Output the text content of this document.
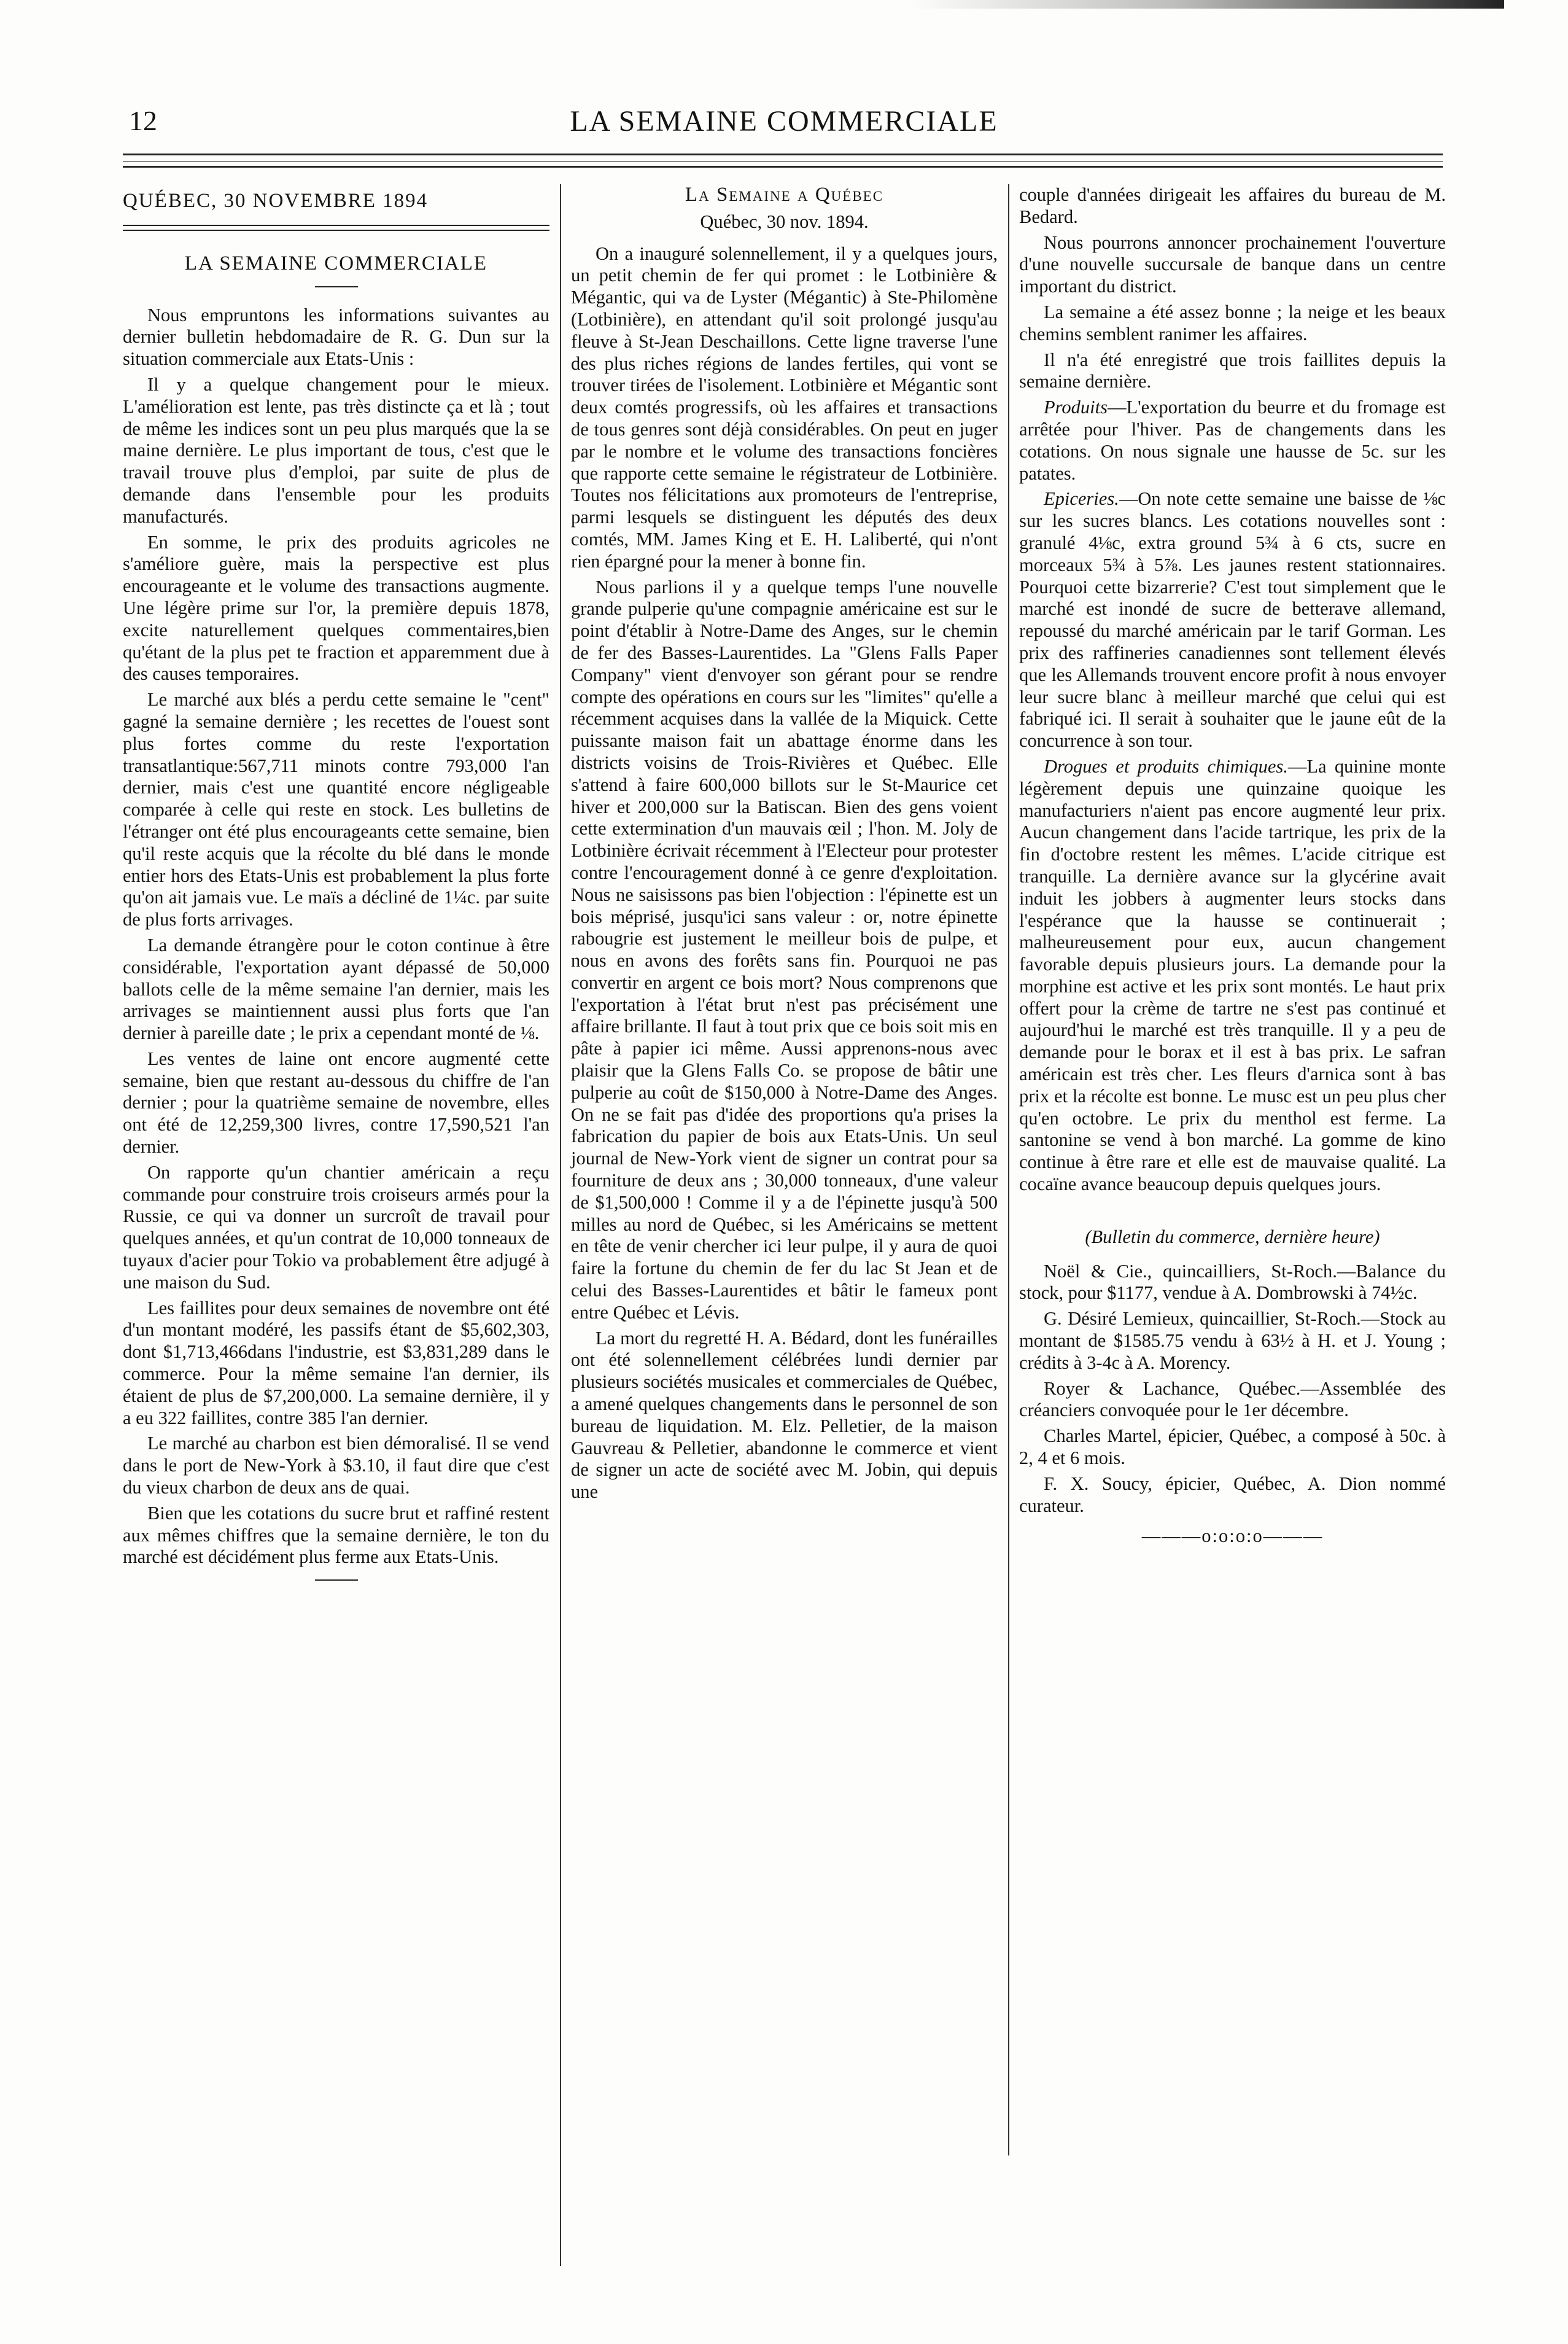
12	LA SEMAINE COMMERCIALE
QUÉBEC, 30 NOVEMBRE 1894
LA SEMAINE COMMERCIALE

Nous empruntons les informations suivantes au dernier bulletin hebdomadaire de R. G. Dun sur la situation commerciale aux Etats-Unis :

Il y a quelque changement pour le mieux. L'amélioration est lente, pas très distincte ça et là ; tout de même les indices sont un peu plus marqués que la se maine dernière. Le plus important de tous, c'est que le travail trouve plus d'emploi, par suite de plus de demande dans l'ensemble pour les produits manufacturés.

En somme, le prix des produits agricoles ne s'améliore guère, mais la perspective est plus encourageante et le volume des transactions augmente. Une légère prime sur l'or, la première depuis 1878, excite naturellement quelques commentaires,bien qu'étant de la plus pet te fraction et apparemment due à des causes temporaires.

Le marché aux blés a perdu cette semaine le "cent" gagné la semaine dernière ; les recettes de l'ouest sont plus fortes comme du reste l'exportation transatlantique:567,711 minots contre 793,000 l'an dernier, mais c'est une quantité encore négligeable comparée à celle qui reste en stock. Les bulletins de l'étranger ont été plus encourageants cette semaine, bien qu'il reste acquis que la récolte du blé dans le monde entier hors des Etats-Unis est probablement la plus forte qu'on ait jamais vue. Le maïs a décliné de 1¼c. par suite de plus forts arrivages.

La demande étrangère pour le coton continue à être considérable, l'exportation ayant dépassé de 50,000 ballots celle de la même semaine l'an dernier, mais les arrivages se maintiennent aussi plus forts que l'an dernier à pareille date ; le prix a cependant monté de ⅛.

Les ventes de laine ont encore augmenté cette semaine, bien que restant au-dessous du chiffre de l'an dernier ; pour la quatrième semaine de novembre, elles ont été de 12,259,300 livres, contre 17,590,521 l'an dernier.

On rapporte qu'un chantier américain a reçu commande pour construire trois croiseurs armés pour la Russie, ce qui va donner un surcroît de travail pour quelques années, et qu'un contrat de 10,000 tonneaux de tuyaux d'acier pour Tokio va probablement être adjugé à une maison du Sud.

Les faillites pour deux semaines de novembre ont été d'un montant modéré, les passifs étant de $5,602,303, dont $1,713,466dans l'industrie, est $3,831,289 dans le commerce. Pour la même semaine l'an dernier, ils étaient de plus de $7,200,000. La semaine dernière, il y a eu 322 faillites, contre 385 l'an dernier.

Le marché au charbon est bien démoralisé. Il se vend dans le port de New-York à $3.10, il faut dire que c'est du vieux charbon de deux ans de quai.

Bien que les cotations du sucre brut et raffiné restent aux mêmes chiffres que la semaine dernière, le ton du marché est décidément plus ferme aux Etats-Unis.

La Semaine a Québec
Québec, 30 nov. 1894.

On a inauguré solennellement, il y a quelques jours, un petit chemin de fer qui promet : le Lotbinière & Mégantic, qui va de Lyster (Mégantic) à Ste-Philomène (Lotbinière), en attendant qu'il soit prolongé jusqu'au fleuve à St-Jean Deschaillons. Cette ligne traverse l'une des plus riches régions de landes fertiles, qui vont se trouver tirées de l'isolement. Lotbinière et Mégantic sont deux comtés progressifs, où les affaires et transactions de tous genres sont déjà considérables. On peut en juger par le nombre et le volume des transactions foncières que rapporte cette semaine le régistrateur de Lotbinière. Toutes nos félicitations aux promoteurs de l'entreprise, parmi lesquels se distinguent les députés des deux comtés, MM. James King et E. H. Laliberté, qui n'ont rien épargné pour la mener à bonne fin.

Nous parlions il y a quelque temps l'une nouvelle grande pulperie qu'une compagnie américaine est sur le point d'établir à Notre-Dame des Anges, sur le chemin de fer des Basses-Laurentides. La "Glens Falls Paper Company" vient d'envoyer son gérant pour se rendre compte des opérations en cours sur les "limites" qu'elle a récemment acquises dans la vallée de la Miquick. Cette puissante maison fait un abattage énorme dans les districts voisins de Trois-Rivières et Québec. Elle s'attend à faire 600,000 billots sur le St-Maurice cet hiver et 200,000 sur la Batiscan. Bien des gens voient cette extermination d'un mauvais œil ; l'hon. M. Joly de Lotbinière écrivait récemment à l'Electeur pour protester contre l'encouragement donné à ce genre d'exploitation. Nous ne saisissons pas bien l'objection : l'épinette est un bois méprisé, jusqu'ici sans valeur : or, notre épinette rabougrie est justement le meilleur bois de pulpe, et nous en avons des forêts sans fin. Pourquoi ne pas convertir en argent ce bois mort? Nous comprenons que l'exportation à l'état brut n'est pas précisément une affaire brillante. Il faut à tout prix que ce bois soit mis en pâte à papier ici même. Aussi apprenons-nous avec plaisir que la Glens Falls Co. se propose de bâtir une pulperie au coût de $150,000 à Notre-Dame des Anges. On ne se fait pas d'idée des proportions qu'a prises la fabrication du papier de bois aux Etats-Unis. Un seul journal de New-York vient de signer un contrat pour sa fourniture de deux ans ; 30,000 tonneaux, d'une valeur de $1,500,000 ! Comme il y a de l'épinette jusqu'à 500 milles au nord de Québec, si les Américains se mettent en tête de venir chercher ici leur pulpe, il y aura de quoi faire la fortune du chemin de fer du lac St Jean et de celui des Basses-Laurentides et bâtir le fameux pont entre Québec et Lévis.

La mort du regretté H. A. Bédard, dont les funérailles ont été solennellement célébrées lundi dernier par plusieurs sociétés musicales et commerciales de Québec, a amené quelques changements dans le personnel de son bureau de liquidation. M. Elz. Pelletier, de la maison Gauvreau & Pelletier, abandonne le commerce et vient de signer un acte de société avec M. Jobin, qui depuis une

couple d'années dirigeait les affaires du bureau de M. Bedard.

Nous pourrons annoncer prochainement l'ouverture d'une nouvelle succursale de banque dans un centre important du district.

La semaine a été assez bonne ; la neige et les beaux chemins semblent ranimer les affaires.

Il n'a été enregistré que trois faillites depuis la semaine dernière.

Produits—L'exportation du beurre et du fromage est arrêtée pour l'hiver. Pas de changements dans les cotations. On nous signale une hausse de 5c. sur les patates.

Epiceries.—On note cette semaine une baisse de ⅛c sur les sucres blancs. Les cotations nouvelles sont : granulé 4⅛c, extra ground 5¾ à 6 cts, sucre en morceaux 5¾ à 5⅞. Les jaunes restent stationnaires. Pourquoi cette bizarrerie? C'est tout simplement que le marché est inondé de sucre de betterave allemand, repoussé du marché américain par le tarif Gorman. Les prix des raffineries canadiennes sont tellement élevés que les Allemands trouvent encore profit à nous envoyer leur sucre blanc à meilleur marché que celui qui est fabriqué ici. Il serait à souhaiter que le jaune eût de la concurrence à son tour.

Drogues et produits chimiques.—La quinine monte légèrement depuis une quinzaine quoique les manufacturiers n'aient pas encore augmenté leur prix. Aucun changement dans l'acide tartrique, les prix de la fin d'octobre restent les mêmes. L'acide citrique est tranquille. La dernière avance sur la glycérine avait induit les jobbers à augmenter leurs stocks dans l'espérance que la hausse se continuerait ; malheureusement pour eux, aucun changement favorable depuis plusieurs jours. La demande pour la morphine est active et les prix sont montés. Le haut prix offert pour la crème de tartre ne s'est pas continué et aujourd'hui le marché est très tranquille. Il y a peu de demande pour le borax et il est à bas prix. Le safran américain est très cher. Les fleurs d'arnica sont à bas prix et la récolte est bonne. Le musc est un peu plus cher qu'en octobre. Le prix du menthol est ferme. La santonine se vend à bon marché. La gomme de kino continue à être rare et elle est de mauvaise qualité. La cocaïne avance beaucoup depuis quelques jours.

(Bulletin du commerce, dernière heure)

Noël & Cie., quincailliers, St-Roch.—Balance du stock, pour $1177, vendue à A. Dombrowski à 74½c.

G. Désiré Lemieux, quincaillier, St-Roch.—Stock au montant de $1585.75 vendu à 63½ à H. et J. Young ; crédits à 3-4c à A. Morency.

Royer & Lachance, Québec.—Assemblée des créanciers convoquée pour le 1er décembre.

Charles Martel, épicier, Québec, a composé à 50c. à 2, 4 et 6 mois.

F. X. Soucy, épicier, Québec, A. Dion nommé curateur.

———o:o:o:o———
